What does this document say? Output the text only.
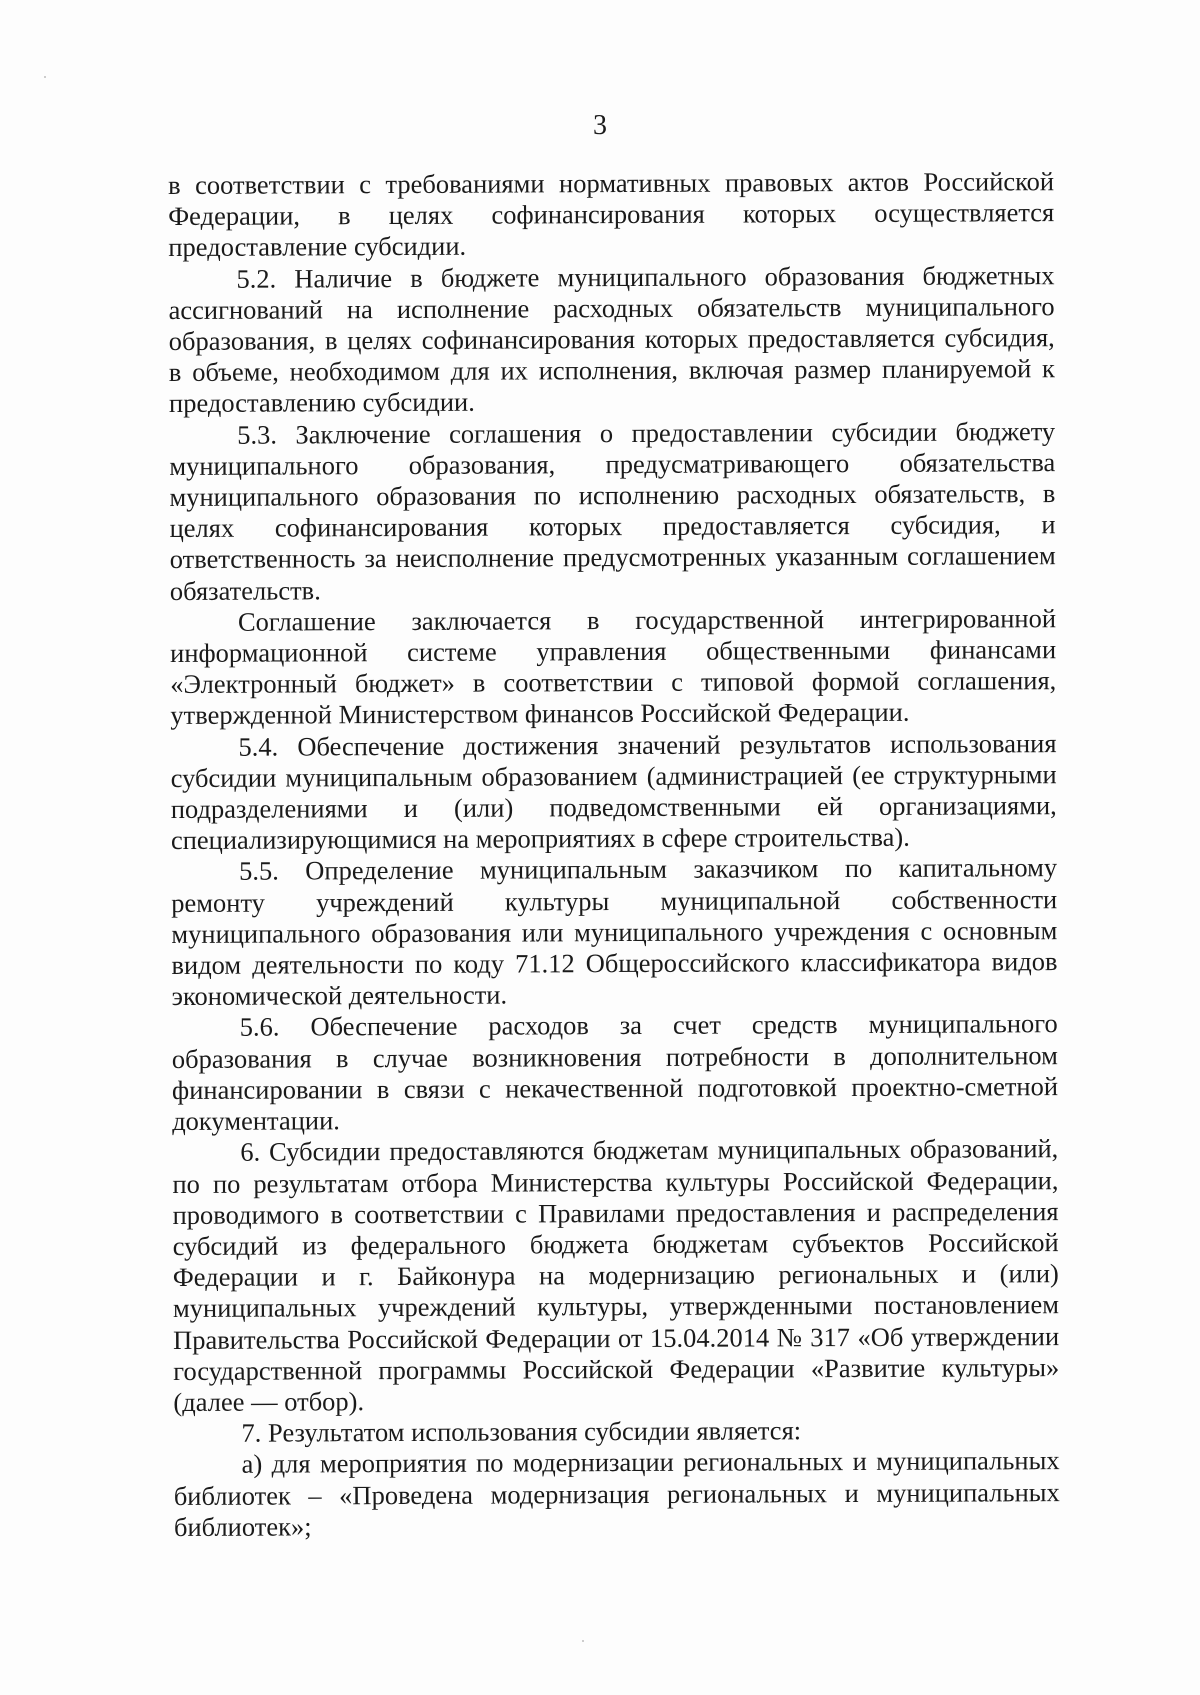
3

в соответствии с требованиями нормативных правовых актов Российской Федерации, в целях софинансирования которых осуществляется предоставление субсидии.

5.2. Наличие в бюджете муниципального образования бюджетных ассигнований на исполнение расходных обязательств муниципального образования, в целях софинансирования которых предоставляется субсидия, в объеме, необходимом для их исполнения, включая размер планируемой к предоставлению субсидии.

5.3. Заключение соглашения о предоставлении субсидии бюджету муниципального образования, предусматривающего обязательства муниципального образования по исполнению расходных обязательств, в целях софинансирования которых предоставляется субсидия, и ответственность за неисполнение предусмотренных указанным соглашением обязательств.

Соглашение заключается в государственной интегрированной информационной системе управления общественными финансами «Электронный бюджет» в соответствии с типовой формой соглашения, утвержденной Министерством финансов Российской Федерации.

5.4. Обеспечение достижения значений результатов использования субсидии муниципальным образованием (администрацией (ее структурными подразделениями и (или) подведомственными ей организациями, специализирующимися на мероприятиях в сфере строительства).

5.5. Определение муниципальным заказчиком по капитальному ремонту учреждений культуры муниципальной собственности муниципального образования или муниципального учреждения с основным видом деятельности по коду 71.12 Общероссийского классификатора видов экономической деятельности.

5.6. Обеспечение расходов за счет средств муниципального образования в случае возникновения потребности в дополнительном финансировании в связи с некачественной подготовкой проектно-сметной документации.

6. Субсидии предоставляются бюджетам муниципальных образований, по по результатам отбора Министерства культуры Российской Федерации, проводимого в соответствии с Правилами предоставления и распределения субсидий из федерального бюджета бюджетам субъектов Российской Федерации и г. Байконура на модернизацию региональных и (или) муниципальных учреждений культуры, утвержденными постановлением Правительства Российской Федерации от 15.04.2014 № 317 «Об утверждении государственной программы Российской Федерации «Развитие культуры» (далее — отбор).

7. Результатом использования субсидии является:

а) для мероприятия по модернизации региональных и муниципальных библиотек – «Проведена модернизация региональных и муниципальных библиотек»;
